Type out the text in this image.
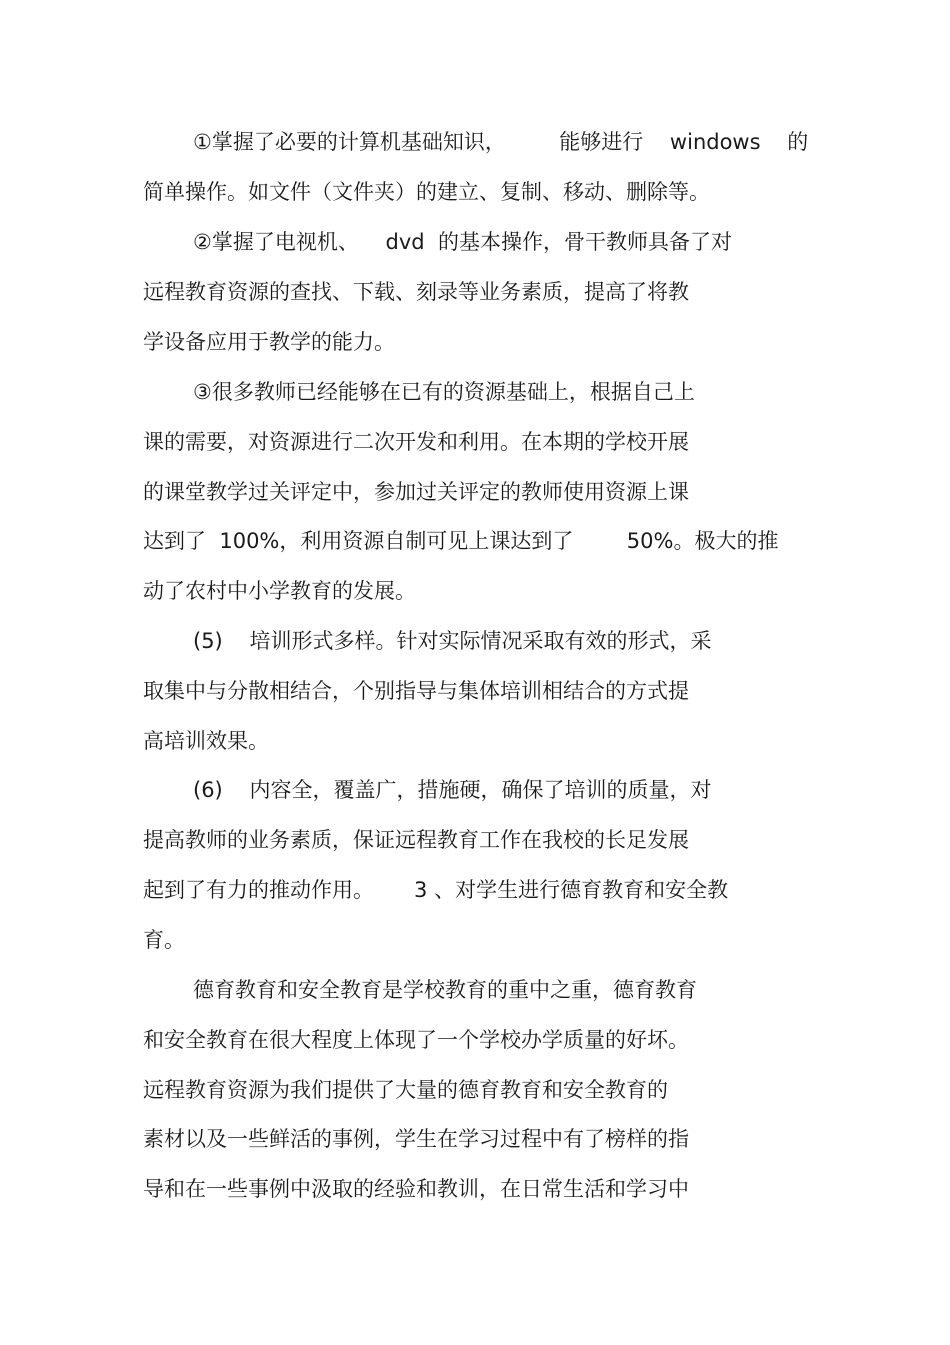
①掌握了必要的计算机基础知识，        能够进行    windows    的
简单操作。如文件（文件夹）的建立、复制、移动、删除等。
②掌握了电视机、    dvd  的基本操作，骨干教师具备了对
远程教育资源的查找、下载、刻录等业务素质，提高了将教
学设备应用于教学的能力。
③很多教师已经能够在已有的资源基础上，根据自己上
课的需要，对资源进行二次开发和利用。在本期的学校开展
的课堂教学过关评定中，参加过关评定的教师使用资源上课
达到了  100%，利用资源自制可见上课达到了        50%。极大的推
动了农村中小学教育的发展。
(5)    培训形式多样。针对实际情况采取有效的形式，采
取集中与分散相结合，个别指导与集体培训相结合的方式提
高培训效果。
(6)    内容全，覆盖广，措施硬，确保了培训的质量，对
提高教师的业务素质，保证远程教育工作在我校的长足发展
起到了有力的推动作用。      3 、对学生进行德育教育和安全教
育。
德育教育和安全教育是学校教育的重中之重，德育教育
和安全教育在很大程度上体现了一个学校办学质量的好坏。
远程教育资源为我们提供了大量的德育教育和安全教育的
素材以及一些鲜活的事例，学生在学习过程中有了榜样的指
导和在一些事例中汲取的经验和教训，在日常生活和学习中
